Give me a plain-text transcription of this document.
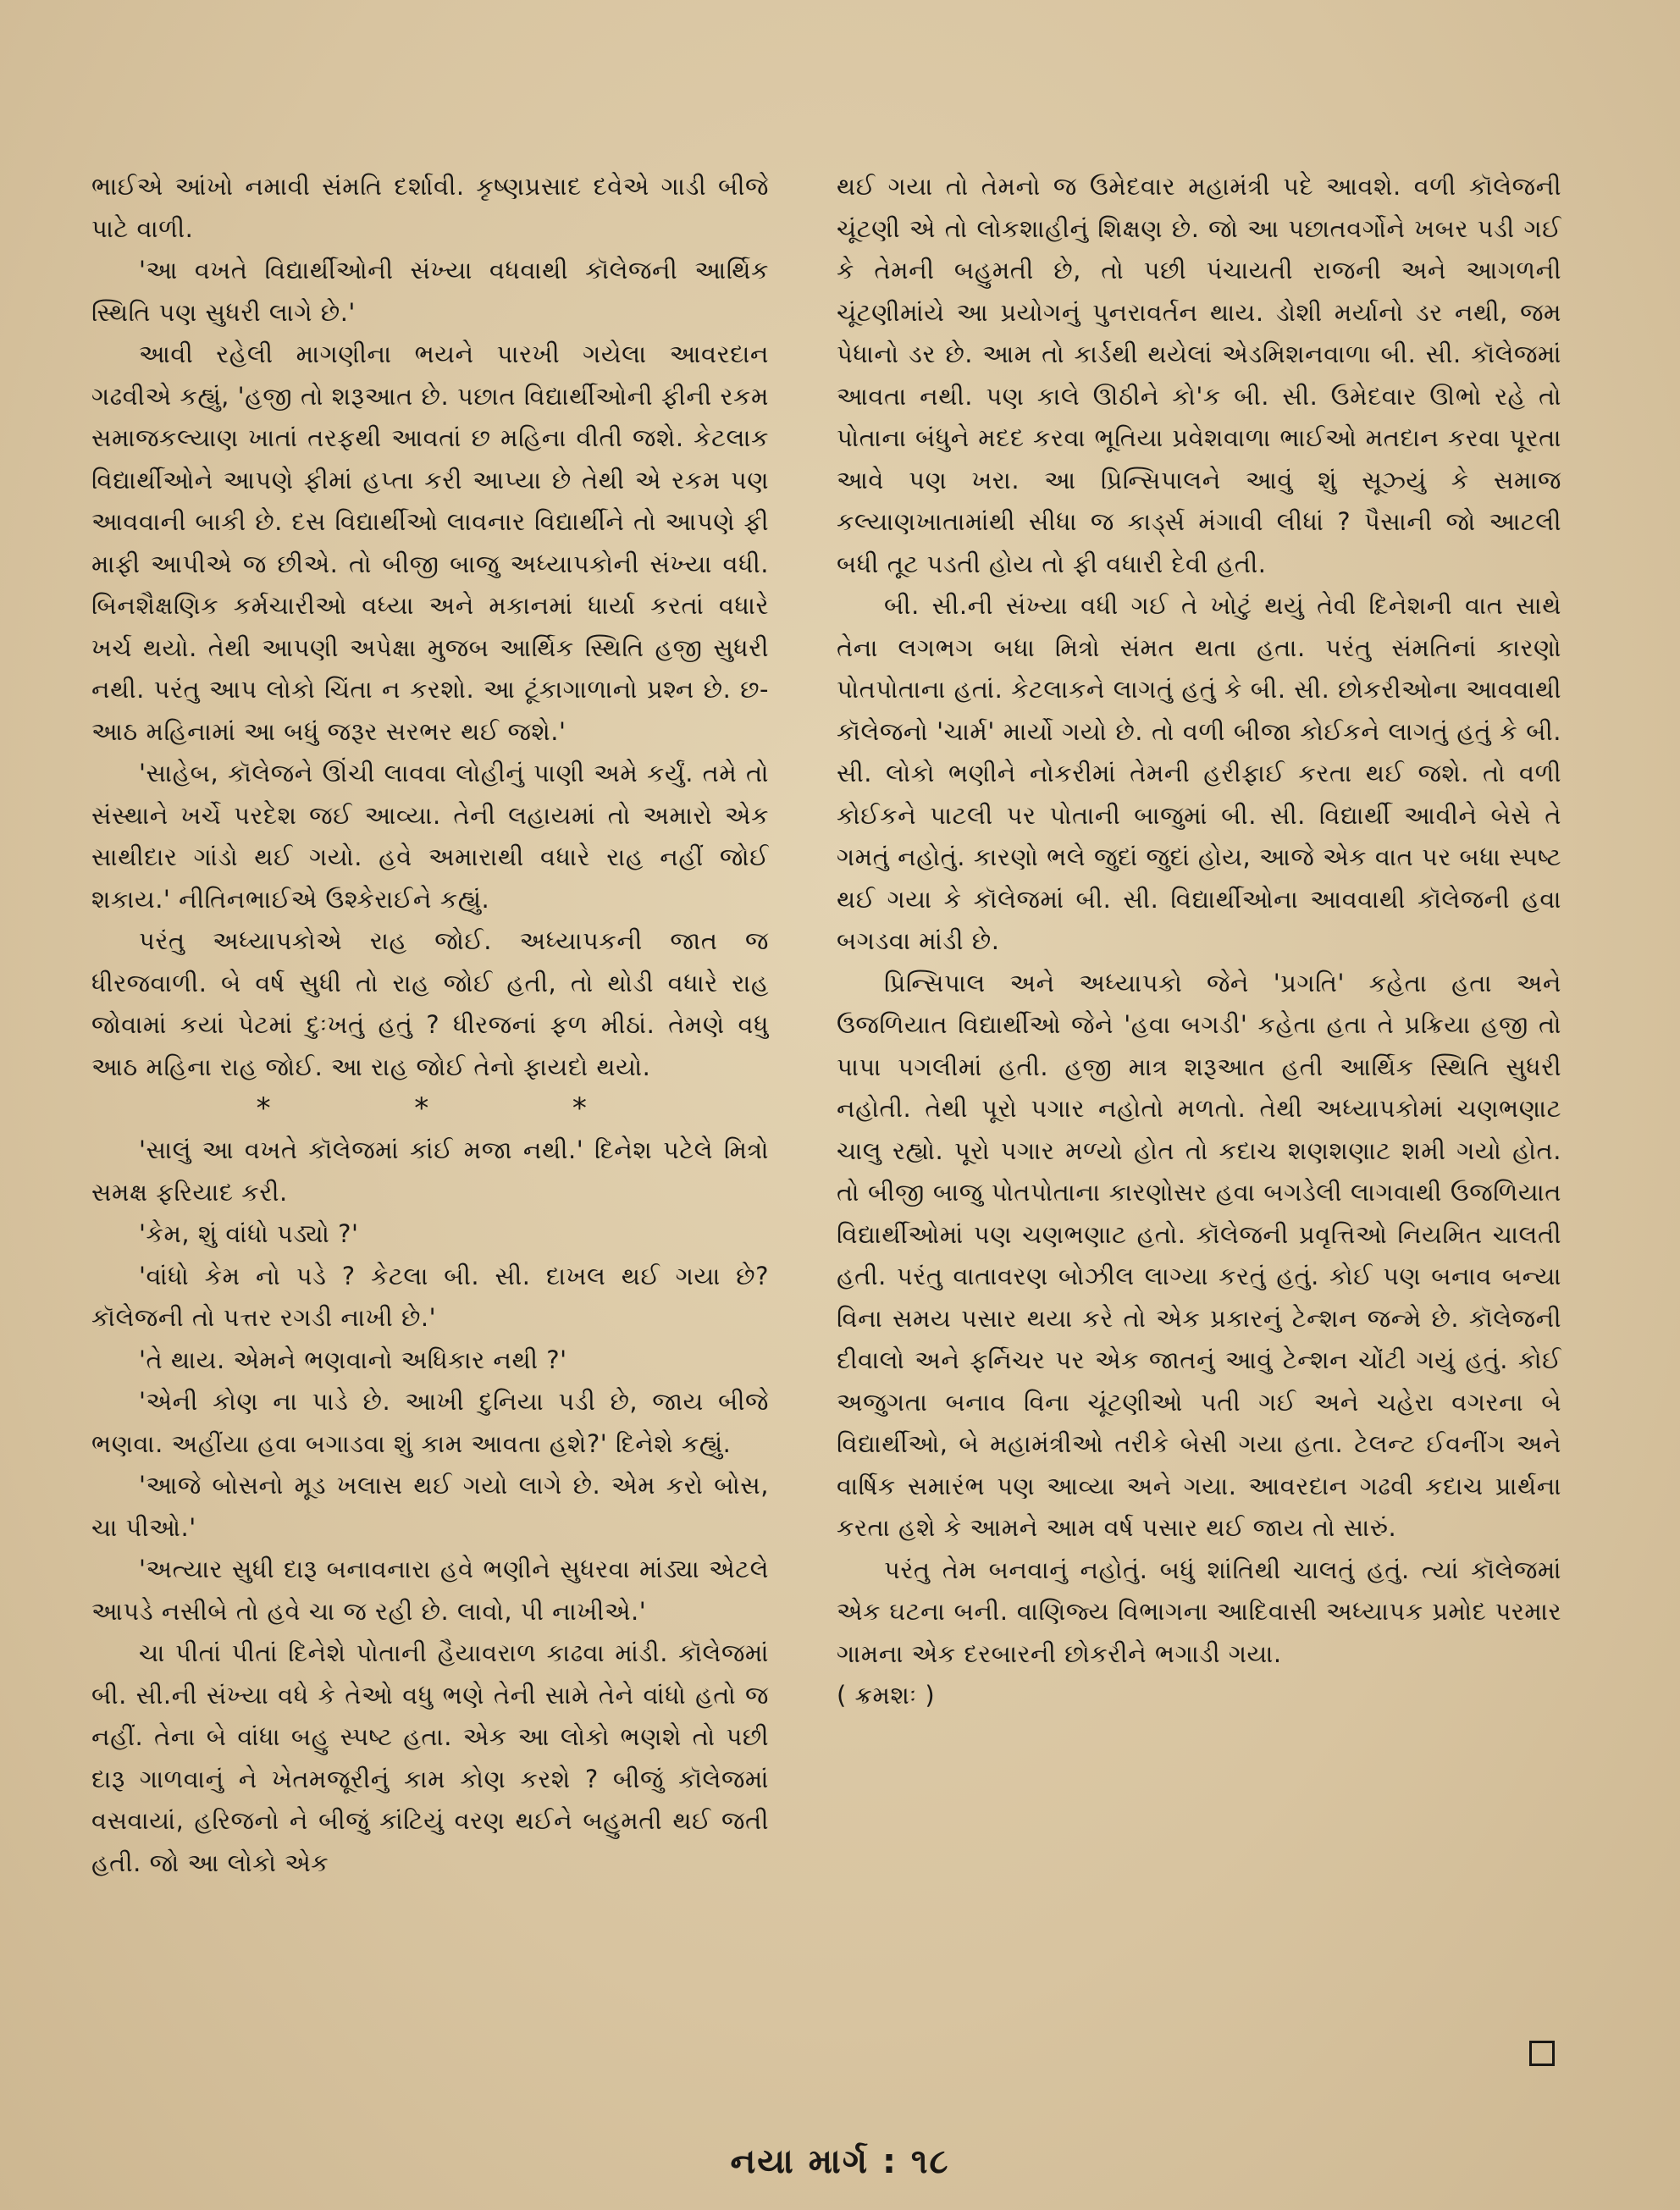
ભાઈએ આંખો નમાવી સંમતિ દર્શાવી. કૃષ્ણપ્રસાદ દવેએ ગાડી બીજે પાટે વાળી.

'આ વખતે વિદ્યાર્થીઓની સંખ્યા વધવાથી કૉલેજની આર્થિક સ્થિતિ પણ સુધરી લાગે છે.'

આવી રહેલી માગણીના ભયને પારખી ગયેલા આવરદાન ગઢવીએ કહ્યું, 'હજી તો શરૂઆત છે. પછાત વિદ્યાર્થીઓની ફીની રકમ સમાજકલ્યાણ ખાતાં તરફથી આવતાં છ મહિના વીતી જશે. કેટલાક વિદ્યાર્થીઓને આપણે ફીમાં હપ્તા કરી આપ્યા છે તેથી એ રકમ પણ આવવાની બાકી છે. દસ વિદ્યાર્થીઓ લાવનાર વિદ્યાર્થીને તો આપણે ફી માફી આપીએ જ છીએ. તો બીજી બાજુ અધ્યાપકોની સંખ્યા વધી. બિનશૈક્ષણિક કર્મચારીઓ વધ્યા અને મકાનમાં ધાર્યા કરતાં વધારે ખર્ચ થયો. તેથી આપણી અપેક્ષા મુજબ આર્થિક સ્થિતિ હજી સુધરી નથી. પરંતુ આપ લોકો ચિંતા ન કરશો. આ ટૂંકાગાળાનો પ્રશ્ન છે. છ-આઠ મહિનામાં આ બધું જરૂર સરભર થઈ જશે.'

'સાહેબ, કૉલેજને ઊંચી લાવવા લોહીનું પાણી અમે કર્યું. તમે તો સંસ્થાને ખર્ચે પરદેશ જઈ આવ્યા. તેની લહાયમાં તો અમારો એક સાથીદાર ગાંડો થઈ ગયો. હવે અમારાથી વધારે રાહ નહીં જોઈ શકાય.' નીતિનભાઈએ ઉશ્કેરાઈને કહ્યું.

પરંતુ અધ્યાપકોએ રાહ જોઈ. અધ્યાપકની જાત જ ધીરજવાળી. બે વર્ષ સુધી તો રાહ જોઈ હતી, તો થોડી વધારે રાહ જોવામાં કયાં પેટમાં દુઃખતું હતું ? ધીરજનાં ફળ મીઠાં. તેમણે વધુ આઠ મહિના રાહ જોઈ. આ રાહ જોઈ તેનો ફાયદો થયો.

*	*	*

'સાલું આ વખતે કૉલેજમાં કાંઈ મજા નથી.' દિનેશ પટેલે મિત્રો સમક્ષ ફરિયાદ કરી.

'કેમ, શું વાંધો પડ્યો ?'

'વાંધો કેમ નો પડે ? કેટલા બી. સી. દાખલ થઈ ગયા છે? કૉલેજની તો પત્તર રગડી નાખી છે.'

'તે થાય. એમને ભણવાનો અધિકાર નથી ?'

'એની કોણ ના પાડે છે. આખી દુનિયા પડી છે, જાય બીજે ભણવા. અહીંયા હવા બગાડવા શું કામ આવતા હશે?' દિનેશે કહ્યું.

'આજે બોસનો મૂડ ખલાસ થઈ ગયો લાગે છે. એમ કરો બોસ, ચા પીઓ.'

'અત્યાર સુધી દારૂ બનાવનારા હવે ભણીને સુધરવા માંડ્યા એટલે આપડે નસીબે તો હવે ચા જ રહી છે. લાવો, પી નાખીએ.'

ચા પીતાં પીતાં દિનેશે પોતાની હૈયાવરાળ કાઢવા માંડી. કૉલેજમાં બી. સી.ની સંખ્યા વધે કે તેઓ વધુ ભણે તેની સામે તેને વાંધો હતો જ નહીં. તેના બે વાંધા બહુ સ્પષ્ટ હતા. એક આ લોકો ભણશે તો પછી દારૂ ગાળવાનું ને ખેતમજૂરીનું કામ કોણ કરશે ? બીજું કૉલેજમાં વસવાયાં, હરિજનો ને બીજું કાંટિયું વરણ થઈને બહુમતી થઈ જતી હતી. જો આ લોકો એક

થઈ ગયા તો તેમનો જ ઉમેદવાર મહામંત્રી પદે આવશે. વળી કૉલેજની ચૂંટણી એ તો લોકશાહીનું શિક્ષણ છે. જો આ પછાતવર્ગોને ખબર પડી ગઈ કે તેમની બહુમતી છે, તો પછી પંચાયતી રાજની અને આગળની ચૂંટણીમાંયે આ પ્રયોગનું પુનરાવર્તન થાય. ડોશી મર્યાનો ડર નથી, જમ પેધાનો ડર છે. આમ તો કાર્ડથી થયેલાં એડમિશનવાળા બી. સી. કૉલેજમાં આવતા નથી. પણ કાલે ઊઠીને કો'ક બી. સી. ઉમેદવાર ઊભો રહે તો પોતાના બંધુને મદદ કરવા ભૂતિયા પ્રવેશવાળા ભાઈઓ મતદાન કરવા પૂરતા આવે પણ ખરા. આ પ્રિન્સિપાલને આવું શું સૂઝ્યું કે સમાજ કલ્યાણખાતામાંથી સીધા જ કાર્ડ્સ મંગાવી લીધાં ? પૈસાની જો આટલી બધી તૂટ પડતી હોય તો ફી વધારી દેવી હતી.

બી. સી.ની સંખ્યા વધી ગઈ તે ખોટું થયું તેવી દિનેશની વાત સાથે તેના લગભગ બધા મિત્રો સંમત થતા હતા. પરંતુ સંમતિનાં કારણો પોતપોતાના હતાં. કેટલાકને લાગતું હતું કે બી. સી. છોકરીઓના આવવાથી કૉલેજનો 'ચાર્મ' માર્યો ગયો છે. તો વળી બીજા કોઈકને લાગતું હતું કે બી. સી. લોકો ભણીને નોકરીમાં તેમની હરીફાઈ કરતા થઈ જશે. તો વળી કોઈકને પાટલી પર પોતાની બાજુમાં બી. સી. વિદ્યાર્થી આવીને બેસે તે ગમતું નહોતું. કારણો ભલે જુદાં જુદાં હોય, આજે એક વાત પર બધા સ્પષ્ટ થઈ ગયા કે કૉલેજમાં બી. સી. વિદ્યાર્થીઓના આવવાથી કૉલેજની હવા બગડવા માંડી છે.

પ્રિન્સિપાલ અને અધ્યાપકો જેને 'પ્રગતિ' કહેતા હતા અને ઉજળિયાત વિદ્યાર્થીઓ જેને 'હવા બગડી' કહેતા હતા તે પ્રક્રિયા હજી તો પાપા પગલીમાં હતી. હજી માત્ર શરૂઆત હતી આર્થિક સ્થિતિ સુધરી નહોતી. તેથી પૂરો પગાર નહોતો મળતો. તેથી અધ્યાપકોમાં ચણભણાટ ચાલુ રહ્યો. પૂરો પગાર મળ્યો હોત તો કદાચ શણશણાટ શમી ગયો હોત. તો બીજી બાજુ પોતપોતાના કારણોસર હવા બગડેલી લાગવાથી ઉજળિયાત વિદ્યાર્થીઓમાં પણ ચણભણાટ હતો. કૉલેજની પ્રવૃત્તિઓ નિયમિત ચાલતી હતી. પરંતુ વાતાવરણ બોઝીલ લાગ્યા કરતું હતું. કોઈ પણ બનાવ બન્યા વિના સમય પસાર થયા કરે તો એક પ્રકારનું ટેન્શન જન્મે છે. કૉલેજની દીવાલો અને ફર્નિચર પર એક જાતનું આવું ટેન્શન ચોંટી ગયું હતું. કોઈ અજુગતા બનાવ વિના ચૂંટણીઓ પતી ગઈ અને ચહેરા વગરના બે વિદ્યાર્થીઓ, બે મહામંત્રીઓ તરીકે બેસી ગયા હતા. ટેલન્ટ ઈવનીંગ અને વાર્ષિક સમારંભ પણ આવ્યા અને ગયા. આવરદાન ગઢવી કદાચ પ્રાર્થના કરતા હશે કે આમને આમ વર્ષ પસાર થઈ જાય તો સારું.

પરંતુ તેમ બનવાનું નહોતું. બધું શાંતિથી ચાલતું હતું. ત્યાં કૉલેજમાં એક ઘટના બની. વાણિજ્ય વિભાગના આદિવાસી અધ્યાપક પ્રમોદ પરમાર ગામના એક દરબારની છોકરીને ભગાડી ગયા.

( ક્રમશઃ )

નયા માર્ગ : ૧૮
